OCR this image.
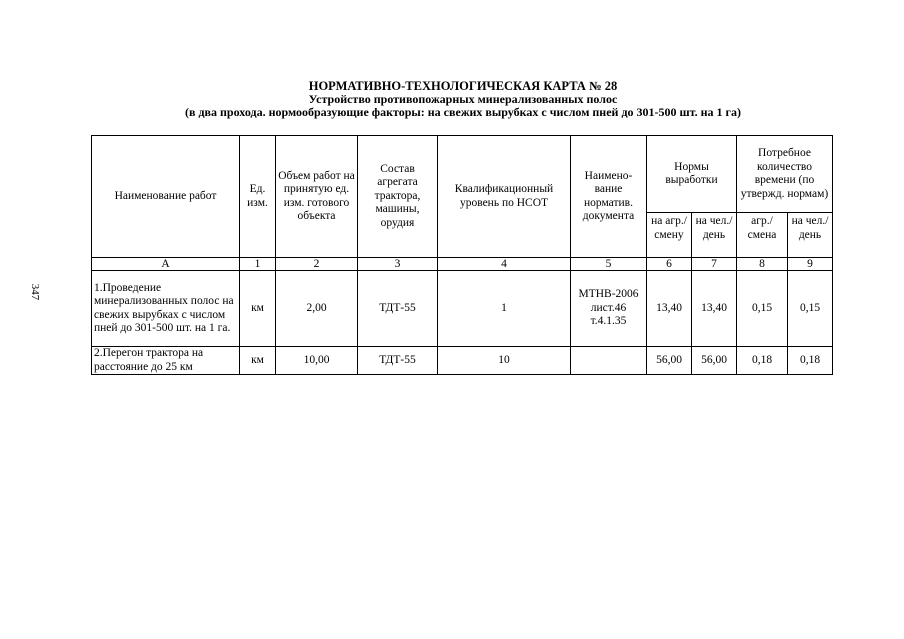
347
НОРМАТИВНО-ТЕХНОЛОГИЧЕСКАЯ КАРТА № 28
Устройство противопожарных минерализованных полос
(в два прохода. нормообразующие факторы: на свежих вырубках с числом пней до 301-500 шт. на 1 га)
Наименование работ	Ед. изм.	Объем работ на принятую ед. изм. готового объекта	Состав агрегата трактора, машины, орудия	Квалификационный уровень по НСОТ	Наимено-вание норматив. документа	Нормы выработки		Потребное количество времени (по утвержд. нормам)	
						на агр./ смену	на чел./ день	агр./ смена	на чел./ день
А	1	2	3	4	5	6	7	8	9
1.Проведение минерализованных полос на свежих вырубках с числом пней до 301-500 шт. на 1 га.	км	2,00	ТДТ-55	1	МТНВ-2006 лист.46 т.4.1.35	13,40	13,40	0,15	0,15
2.Перегон трактора на расстояние до 25 км	км	10,00	ТДТ-55	10		56,00	56,00	0,18	0,18
